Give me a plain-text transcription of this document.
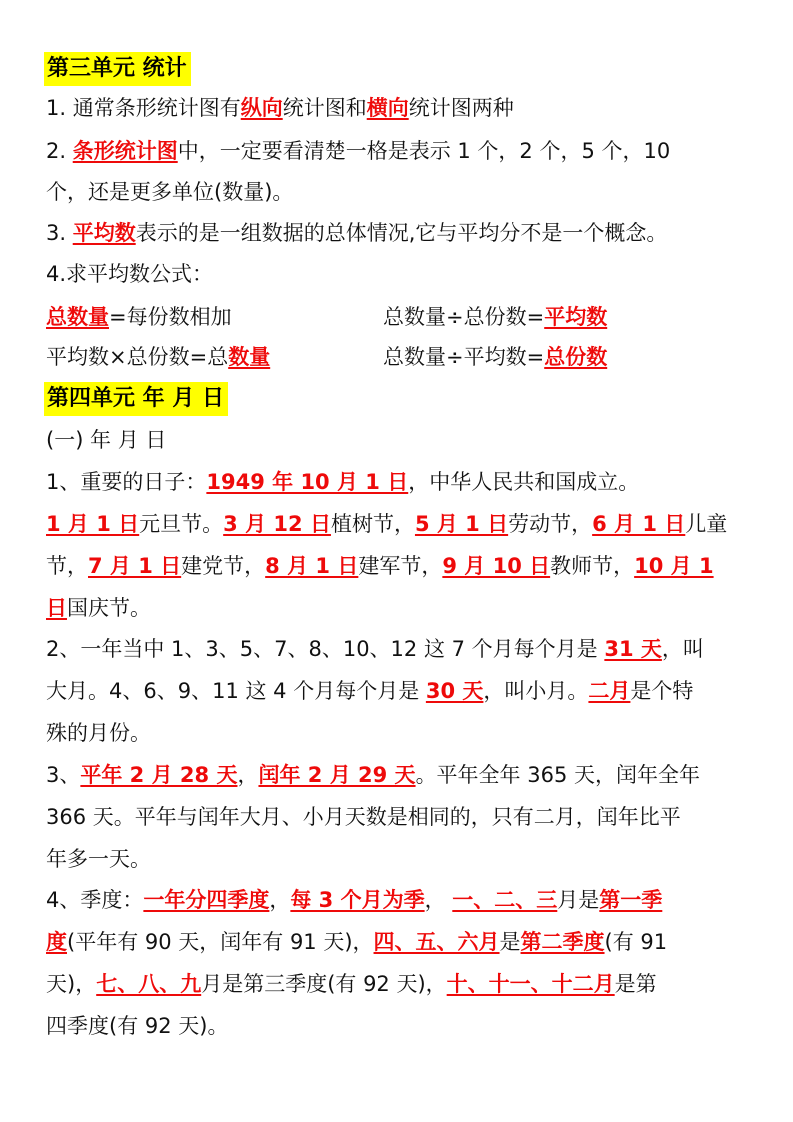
第三单元 统计
1. 通常条形统计图有纵向统计图和横向统计图两种
2. 条形统计图中，一定要看清楚一格是表示 1 个，2 个，5 个，10
个，还是更多单位(数量)。
3. 平均数表示的是一组数据的总体情况,它与平均分不是一个概念。
4.求平均数公式：
总数量=每份数相加	总数量÷总份数=平均数
平均数×总份数=总数量	总数量÷平均数=总份数
第四单元 年 月 日
(一) 年 月 日
1、重要的日子：1949 年 10 月 1 日，中华人民共和国成立。
1 月 1 日元旦节。3 月 12 日植树节，5 月 1 日劳动节，6 月 1 日儿童
节，7 月 1 日建党节，8 月 1 日建军节，9 月 10 日教师节，10 月 1
日国庆节。
2、一年当中 1、3、5、7、8、10、12 这 7 个月每个月是 31 天，叫
大月。4、6、9、11 这 4 个月每个月是 30 天，叫小月。二月是个特
殊的月份。
3、平年 2 月 28 天，闰年 2 月 29 天。平年全年 365 天，闰年全年
366 天。平年与闰年大月、小月天数是相同的，只有二月，闰年比平
年多一天。
4、季度：一年分四季度，每 3 个月为季， 一、二、三月是第一季
度(平年有 90 天，闰年有 91 天)，四、五、六月是第二季度(有 91
天)，七、八、九月是第三季度(有 92 天)，十、十一、十二月是第
四季度(有 92 天)。
